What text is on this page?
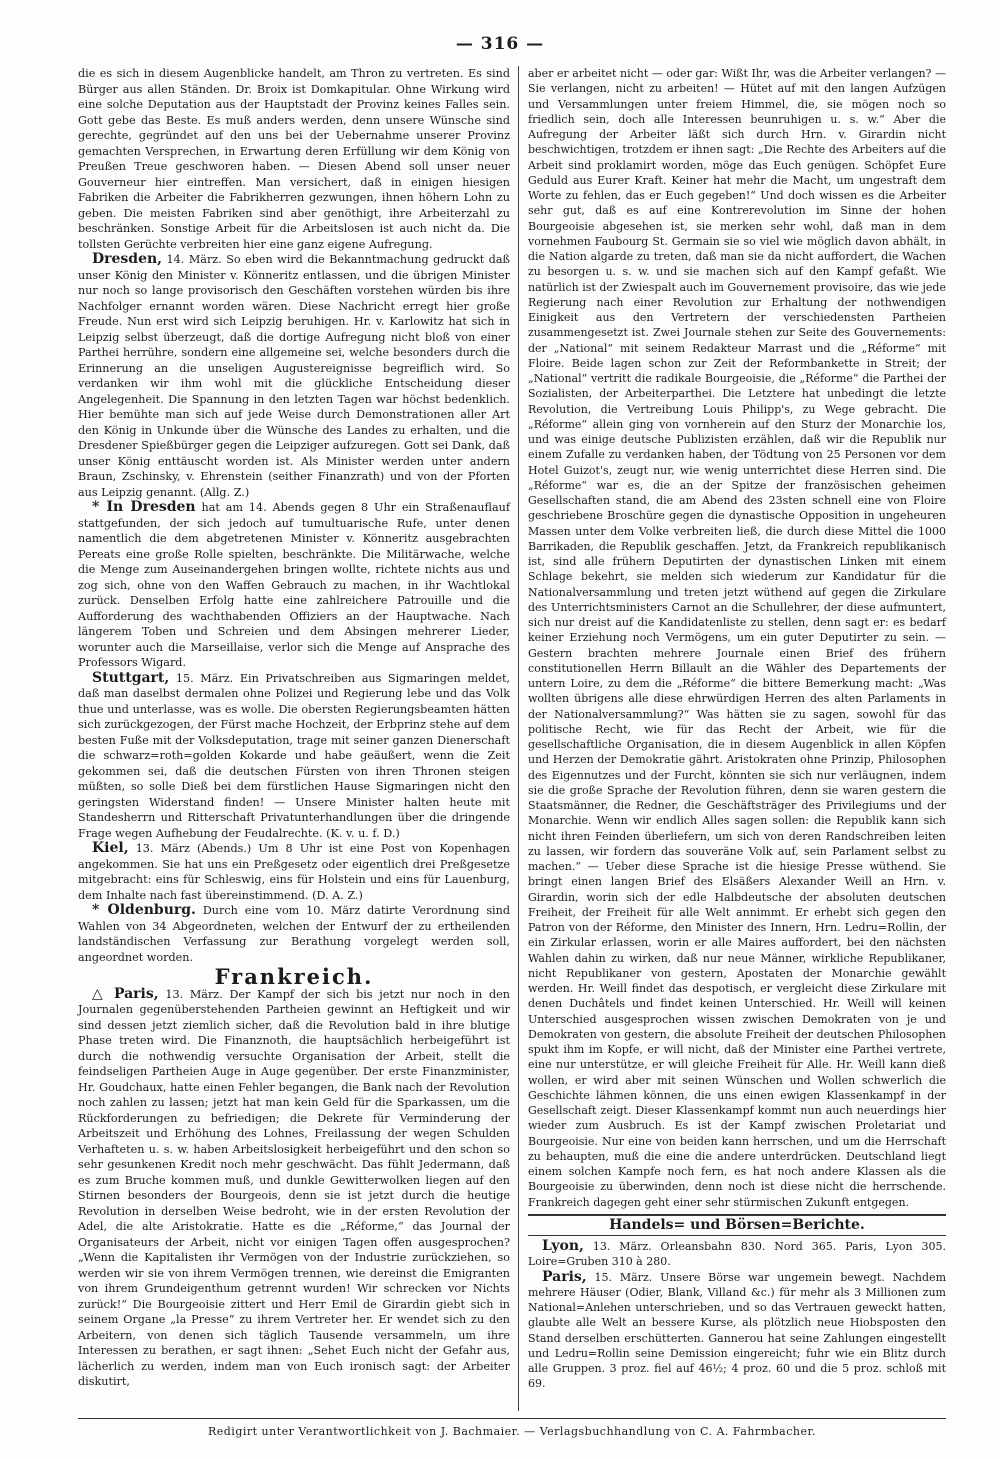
— 316 —

die es sich in diesem Augenblicke handelt, am Thron zu vertreten. Es sind Bürger aus allen Ständen. Dr. Broix ist Domkapitular. Ohne Wirkung wird eine solche Deputation aus der Hauptstadt der Provinz keines Falles sein. Gott gebe das Beste. Es muß anders werden, denn unsere Wünsche sind gerechte, gegründet auf den uns bei der Uebernahme unserer Provinz gemachten Versprechen, in Erwartung deren Erfüllung wir dem König von Preußen Treue geschworen haben. — Diesen Abend soll unser neuer Gouverneur hier eintreffen. Man versichert, daß in einigen hiesigen Fabriken die Arbeiter die Fabrikherren gezwungen, ihnen höhern Lohn zu geben. Die meisten Fabriken sind aber genöthigt, ihre Arbeiterzahl zu beschränken. Sonstige Arbeit für die Arbeitslosen ist auch nicht da. Die tollsten Gerüchte verbreiten hier eine ganz eigene Aufregung.

Dresden, 14. März. So eben wird die Bekanntmachung gedruckt daß unser König den Minister v. Könneritz entlassen, und die übrigen Minister nur noch so lange provisorisch den Geschäften vorstehen würden bis ihre Nachfolger ernannt worden wären. Diese Nachricht erregt hier große Freude. Nun erst wird sich Leipzig beruhigen. Hr. v. Karlowitz hat sich in Leipzig selbst überzeugt, daß die dortige Aufregung nicht bloß von einer Parthei herrühre, sondern eine allgemeine sei, welche besonders durch die Erinnerung an die unseligen Augustereignisse begreiflich wird. So verdanken wir ihm wohl mit die glückliche Entscheidung dieser Angelegenheit. Die Spannung in den letzten Tagen war höchst bedenklich. Hier bemühte man sich auf jede Weise durch Demonstrationen aller Art den König in Unkunde über die Wünsche des Landes zu erhalten, und die Dresdener Spießbürger gegen die Leipziger aufzuregen. Gott sei Dank, daß unser König enttäuscht worden ist. Als Minister werden unter andern Braun, Zschinsky, v. Ehrenstein (seither Finanzrath) und von der Pforten aus Leipzig genannt. (Allg. Z.)

* In Dresden hat am 14. Abends gegen 8 Uhr ein Straßenauflauf stattgefunden, der sich jedoch auf tumultuarische Rufe, unter denen namentlich die dem abgetretenen Minister v. Könneritz ausgebrachten Pereats eine große Rolle spielten, beschränkte. Die Militärwache, welche die Menge zum Auseinandergehen bringen wollte, richtete nichts aus und zog sich, ohne von den Waffen Gebrauch zu machen, in ihr Wachtlokal zurück. Denselben Erfolg hatte eine zahlreichere Patrouille und die Aufforderung des wachthabenden Offiziers an der Hauptwache. Nach längerem Toben und Schreien und dem Absingen mehrerer Lieder, worunter auch die Marseillaise, verlor sich die Menge auf Ansprache des Professors Wigard.

Stuttgart, 15. März. Ein Privatschreiben aus Sigmaringen meldet, daß man daselbst dermalen ohne Polizei und Regierung lebe und das Volk thue und unterlasse, was es wolle. Die obersten Regierungsbeamten hätten sich zurückgezogen, der Fürst mache Hochzeit, der Erbprinz stehe auf dem besten Fuße mit der Volksdeputation, trage mit seiner ganzen Dienerschaft die schwarz=roth=golden Kokarde und habe geäußert, wenn die Zeit gekommen sei, daß die deutschen Fürsten von ihren Thronen steigen müßten, so solle Dieß bei dem fürstlichen Hause Sigmaringen nicht den geringsten Widerstand finden! — Unsere Minister halten heute mit Standesherrn und Ritterschaft Privatunterhandlungen über die dringende Frage wegen Aufhebung der Feudalrechte. (K. v. u. f. D.)

Kiel, 13. März (Abends.) Um 8 Uhr ist eine Post von Kopenhagen angekommen. Sie hat uns ein Preßgesetz oder eigentlich drei Preßgesetze mitgebracht: eins für Schleswig, eins für Holstein und eins für Lauenburg, dem Inhalte nach fast übereinstimmend. (D. A. Z.)

* Oldenburg. Durch eine vom 10. März datirte Verordnung sind Wahlen von 34 Abgeordneten, welchen der Entwurf der zu ertheilenden landständischen Verfassung zur Berathung vorgelegt werden soll, angeordnet worden.

Frankreich.

△ Paris, 13. März. Der Kampf der sich bis jetzt nur noch in den Journalen gegenüberstehenden Partheien gewinnt an Heftigkeit und wir sind dessen jetzt ziemlich sicher, daß die Revolution bald in ihre blutige Phase treten wird. Die Finanznoth, die hauptsächlich herbeigeführt ist durch die nothwendig versuchte Organisation der Arbeit, stellt die feindseligen Partheien Auge in Auge gegenüber. Der erste Finanzminister, Hr. Goudchaux, hatte einen Fehler begangen, die Bank nach der Revolution noch zahlen zu lassen; jetzt hat man kein Geld für die Sparkassen, um die Rückforderungen zu befriedigen; die Dekrete für Verminderung der Arbeitszeit und Erhöhung des Lohnes, Freilassung der wegen Schulden Verhafteten u. s. w. haben Arbeitslosigkeit herbeigeführt und den schon so sehr gesunkenen Kredit noch mehr geschwächt. Das fühlt Jedermann, daß es zum Bruche kommen muß, und dunkle Gewitterwolken liegen auf den Stirnen besonders der Bourgeois, denn sie ist jetzt durch die heutige Revolution in derselben Weise bedroht, wie in der ersten Revolution der Adel, die alte Aristokratie. Hatte es die „Réforme,“ das Journal der Organisateurs der Arbeit, nicht vor einigen Tagen offen ausgesprochen? „Wenn die Kapitalisten ihr Vermögen von der Industrie zurückziehen, so werden wir sie von ihrem Vermögen trennen, wie dereinst die Emigranten von ihrem Grundeigenthum getrennt wurden! Wir schrecken vor Nichts zurück!“ Die Bourgeoisie zittert und Herr Emil de Girardin giebt sich in seinem Organe „la Presse“ zu ihrem Vertreter her. Er wendet sich zu den Arbeitern, von denen sich täglich Tausende versammeln, um ihre Interessen zu berathen, er sagt ihnen: „Sehet Euch nicht der Gefahr aus, lächerlich zu werden, indem man von Euch ironisch sagt: der Arbeiter diskutirt,

aber er arbeitet nicht — oder gar: Wißt Ihr, was die Arbeiter verlangen? — Sie verlangen, nicht zu arbeiten! — Hütet auf mit den langen Aufzügen und Versammlungen unter freiem Himmel, die, sie mögen noch so friedlich sein, doch alle Interessen beunruhigen u. s. w.“ Aber die Aufregung der Arbeiter läßt sich durch Hrn. v. Girardin nicht beschwichtigen, trotzdem er ihnen sagt: „Die Rechte des Arbeiters auf die Arbeit sind proklamirt worden, möge das Euch genügen. Schöpfet Eure Geduld aus Eurer Kraft. Keiner hat mehr die Macht, um ungestraft dem Worte zu fehlen, das er Euch gegeben!“ Und doch wissen es die Arbeiter sehr gut, daß es auf eine Kontrerevolution im Sinne der hohen Bourgeoisie abgesehen ist, sie merken sehr wohl, daß man in dem vornehmen Faubourg St. Germain sie so viel wie möglich davon abhält, in die Nation algarde zu treten, daß man sie da nicht auffordert, die Wachen zu besorgen u. s. w. und sie machen sich auf den Kampf gefaßt. Wie natürlich ist der Zwiespalt auch im Gouvernement provisoire, das wie jede Regierung nach einer Revolution zur Erhaltung der nothwendigen Einigkeit aus den Vertretern der verschiedensten Partheien zusammengesetzt ist. Zwei Journale stehen zur Seite des Gouvernements: der „National“ mit seinem Redakteur Marrast und die „Réforme“ mit Floire. Beide lagen schon zur Zeit der Reformbankette in Streit; der „National“ vertritt die radikale Bourgeoisie, die „Réforme“ die Parthei der Sozialisten, der Arbeiterparthei. Die Letztere hat unbedingt die letzte Revolution, die Vertreibung Louis Philipp's, zu Wege gebracht. Die „Réforme“ allein ging von vornherein auf den Sturz der Monarchie los, und was einige deutsche Publizisten erzählen, daß wir die Republik nur einem Zufalle zu verdanken haben, der Tödtung von 25 Personen vor dem Hotel Guizot's, zeugt nur, wie wenig unterrichtet diese Herren sind. Die „Réforme“ war es, die an der Spitze der französischen geheimen Gesellschaften stand, die am Abend des 23sten schnell eine von Floire geschriebene Broschüre gegen die dynastische Opposition in ungeheuren Massen unter dem Volke verbreiten ließ, die durch diese Mittel die 1000 Barrikaden, die Republik geschaffen. Jetzt, da Frankreich republikanisch ist, sind alle frühern Deputirten der dynastischen Linken mit einem Schlage bekehrt, sie melden sich wiederum zur Kandidatur für die Nationalversammlung und treten jetzt wüthend auf gegen die Zirkulare des Unterrichtsministers Carnot an die Schullehrer, der diese aufmuntert, sich nur dreist auf die Kandidatenliste zu stellen, denn sagt er: es bedarf keiner Erziehung noch Vermögens, um ein guter Deputirter zu sein. — Gestern brachten mehrere Journale einen Brief des frühern constitutionellen Herrn Billault an die Wähler des Departements der untern Loire, zu dem die „Réforme“ die bittere Bemerkung macht: „Was wollten übrigens alle diese ehrwürdigen Herren des alten Parlaments in der Nationalversammlung?“ Was hätten sie zu sagen, sowohl für das politische Recht, wie für das Recht der Arbeit, wie für die gesellschaftliche Organisation, die in diesem Augenblick in allen Köpfen und Herzen der Demokratie gährt. Aristokraten ohne Prinzip, Philosophen des Eigennutzes und der Furcht, könnten sie sich nur verläugnen, indem sie die große Sprache der Revolution führen, denn sie waren gestern die Staatsmänner, die Redner, die Geschäftsträger des Privilegiums und der Monarchie. Wenn wir endlich Alles sagen sollen: die Republik kann sich nicht ihren Feinden überliefern, um sich von deren Randschreiben leiten zu lassen, wir fordern das souveräne Volk auf, sein Parlament selbst zu machen.“ — Ueber diese Sprache ist die hiesige Presse wüthend. Sie bringt einen langen Brief des Elsäßers Alexander Weill an Hrn. v. Girardin, worin sich der edle Halbdeutsche der absoluten deutschen Freiheit, der Freiheit für alle Welt annimmt. Er erhebt sich gegen den Patron von der Réforme, den Minister des Innern, Hrn. Ledru=Rollin, der ein Zirkular erlassen, worin er alle Maires auffordert, bei den nächsten Wahlen dahin zu wirken, daß nur neue Männer, wirkliche Republikaner, nicht Republikaner von gestern, Apostaten der Monarchie gewählt werden. Hr. Weill findet das despotisch, er vergleicht diese Zirkulare mit denen Duchâtels und findet keinen Unterschied. Hr. Weill will keinen Unterschied ausgesprochen wissen zwischen Demokraten von je und Demokraten von gestern, die absolute Freiheit der deutschen Philosophen spukt ihm im Kopfe, er will nicht, daß der Minister eine Parthei vertrete, eine nur unterstütze, er will gleiche Freiheit für Alle. Hr. Weill kann dieß wollen, er wird aber mit seinen Wünschen und Wollen schwerlich die Geschichte lähmen können, die uns einen ewigen Klassenkampf in der Gesellschaft zeigt. Dieser Klassenkampf kommt nun auch neuerdings hier wieder zum Ausbruch. Es ist der Kampf zwischen Proletariat und Bourgeoisie. Nur eine von beiden kann herrschen, und um die Herrschaft zu behaupten, muß die eine die andere unterdrücken. Deutschland liegt einem solchen Kampfe noch fern, es hat noch andere Klassen als die Bourgeoisie zu überwinden, denn noch ist diese nicht die herrschende. Frankreich dagegen geht einer sehr stürmischen Zukunft entgegen.

Handels= und Börsen=Berichte.

Lyon, 13. März. Orleansbahn 830. Nord 365. Paris, Lyon 305. Loire=Gruben 310 à 280.

Paris, 15. März. Unsere Börse war ungemein bewegt. Nachdem mehrere Häuser (Odier, Blank, Villand &c.) für mehr als 3 Millionen zum National=Anlehen unterschrieben, und so das Vertrauen geweckt hatten, glaubte alle Welt an bessere Kurse, als plötzlich neue Hiobsposten den Stand derselben erschütterten. Gannerou hat seine Zahlungen eingestellt und Ledru=Rollin seine Demission eingereicht; fuhr wie ein Blitz durch alle Gruppen. 3 proz. fiel auf 46½; 4 proz. 60 und die 5 proz. schloß mit 69.

Redigirt unter Verantwortlichkeit von J. Bachmaier. — Verlagsbuchhandlung von C. A. Fahrmbacher.
